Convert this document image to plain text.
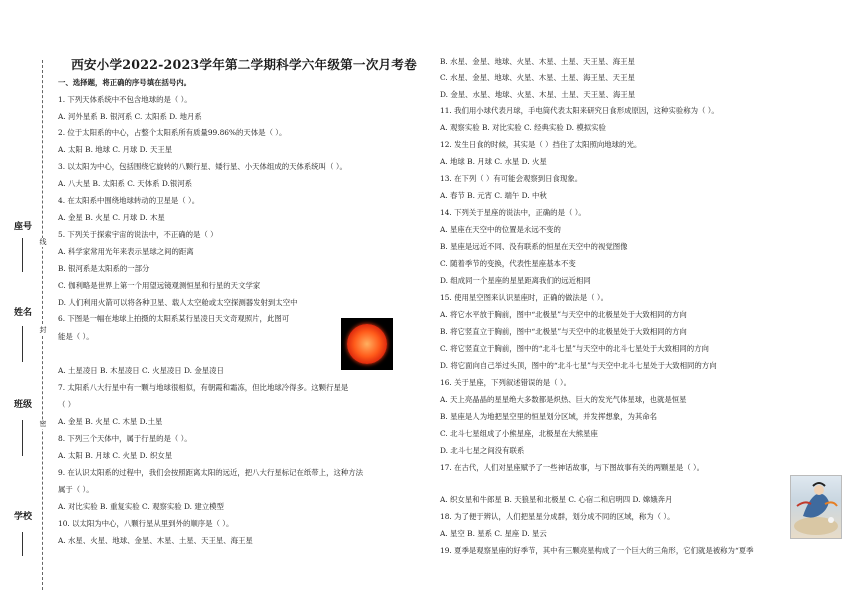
座号
姓名
班级
学校
线
封
密
西安小学2022-2023学年第二学期科学六年级第一次月考卷
一、选择题，将正确的序号填在括号内。
1. 下列天体系统中不包含地球的是（ ）。
A. 河外星系 B. 银河系 C. 太阳系 D. 地月系
2. 位于太阳系的中心，占整个太阳系所有质量99.86%的天体是（ ）。
A. 太阳 B. 地球 C. 月球 D. 天王星
3. 以太阳为中心，包括围绕它旋转的八颗行星、矮行星、小天体组成的天体系统叫（ ）。
A. 八大星 B. 太阳系 C. 天体系 D.银河系
4. 在太阳系中围绕地球转动的卫星是（ ）。
A. 金星 B. 火星 C. 月球 D. 木星
5. 下列关于探索宇宙的说法中，不正确的是（ ）
A. 科学家常用光年来表示星球之间的距离
B. 银河系是太阳系的一部分
C. 伽利略是世界上第一个用望远镜观测恒星和行星的天文学家
D. 人们利用火箭可以将各种卫星、载人太空舱或太空探测器发射到太空中
6. 下图是一幅在地球上拍摄的太阳系某行星凌日天文奇观照片，此图可
能是（ ）。
A. 土星凌日 B. 木星凌日 C. 火星凌日 D. 金星凌日
7. 太阳系八大行星中有一颗与地球很相似，有朝霞和霜冻，但比地球冷得多。这颗行星是
（ ）
A. 金星 B. 火星 C. 木星 D.土星
8. 下列三个天体中，属于行星的是（ ）。
A. 太阳 B. 月球 C. 火星 D. 织女星
9. 在认识太阳系的过程中，我们会按照距离太阳的远近，把八大行星标记在纸带上，这种方法
属于（ ）。
A. 对比实验 B. 重复实验 C. 观察实验 D. 建立模型
10. 以太阳为中心，八颗行星从里到外的顺序是（ ）。
A. 水星、火星、地球、金星、木星、土星、天王星、海王星
B. 水星、金星、地球、火星、木星、土星、天王星、海王星
C. 水星、金星、地球、火星、木星、土星、海王星、天王星
D. 金星、水星、地球、火星、木星、土星、天王星、海王星
11. 我们用小球代表月球，手电筒代表太阳来研究日食形成原因，这种实验称为（ ）。
A. 观察实验 B. 对比实验 C. 经典实验 D. 模拟实验
12. 发生日食的时候，其实是（ ）挡住了太阳照向地球的光。
A. 地球 B. 月球 C. 水星 D. 火星
13. 在下列（ ）有可能会观察到日食现象。
A. 春节 B. 元宵 C. 端午 D. 中秋
14. 下列关于星座的说法中，正确的是（ ）。
A. 星座在天空中的位置是永远不变的
B. 星座是远近不同、没有联系的恒星在天空中的视觉图像
C. 随着季节的变换，代表性星座基本不变
D. 组成同一个星座的星星距离我们的远近相同
15. 使用星空图来认识星座时，正确的做法是（ ）。
A. 将它水平放于胸前，图中“北极星”与天空中的北极星处于大致相同的方向
B. 将它竖直立于胸前，图中“北极星”与天空中的北极星处于大致相同的方向
C. 将它竖直立于胸前，图中的“北斗七星”与天空中的北斗七星处于大致相同的方向
D. 将它面向自己举过头顶，图中的“北斗七星”与天空中北斗七星处于大致相同的方向
16. 关于星座，下列叙述错误的是（ ）。
A. 天上亮晶晶的星星绝大多数都是炽热、巨大的发光气体星球，也就是恒星
B. 星座是人为地把星空里的恒星划分区域，并发挥想象，为其命名
C. 北斗七星组成了小熊星座，北极星在大熊星座
D. 北斗七星之间没有联系
17. 在古代，人们对星座赋予了一些神话故事，与下图故事有关的两颗星是（ ）。
A. 织女星和牛郎星 B. 天狼星和北极星 C. 心宿二和启明四 D. 嫦娥奔月
18. 为了便于辨认，人们把星星分成群，划分成不同的区域，称为（ ）。
A. 星空 B. 星系 C. 星座 D. 星云
19. 夏季是观察星座的好季节，其中有三颗亮星构成了一个巨大的三角形，它们就是被称为“夏季
